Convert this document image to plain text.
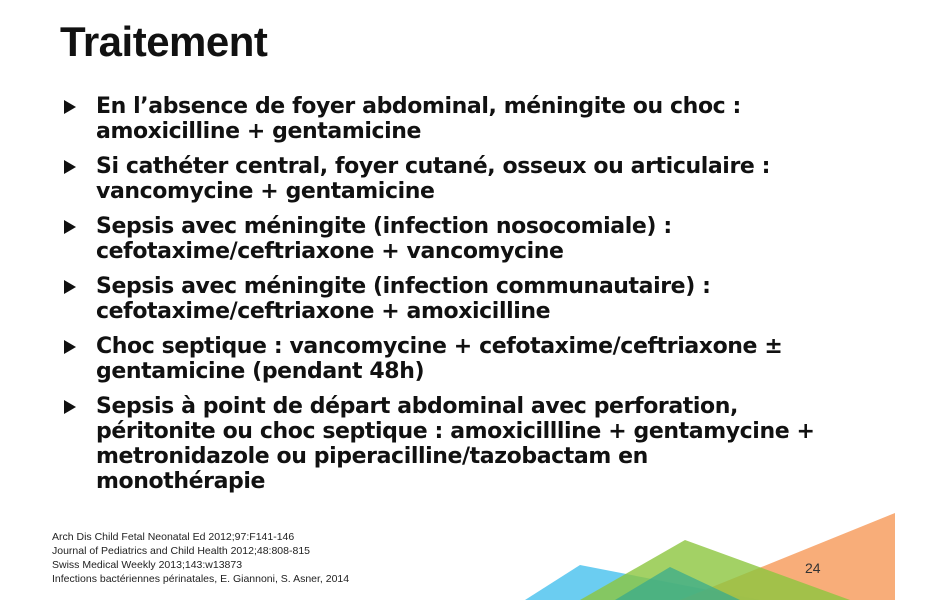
Traitement
En l’absence de foyer abdominal, méningite ou choc :
amoxicilline + gentamicine
Si cathéter central, foyer cutané, osseux ou articulaire :
vancomycine + gentamicine
Sepsis avec méningite (infection nosocomiale) :
cefotaxime/ceftriaxone + vancomycine
Sepsis avec méningite (infection communautaire) :
cefotaxime/ceftriaxone + amoxicilline
Choc septique : vancomycine + cefotaxime/ceftriaxone ±
gentamicine (pendant 48h)
Sepsis à point de départ abdominal avec perforation,
péritonite ou choc septique : amoxicillline + gentamycine +
metronidazole ou piperacilline/tazobactam en
monothérapie
Arch Dis Child Fetal Neonatal Ed 2012;97:F141-146
Journal of Pediatrics and Child Health 2012;48:808-815
Swiss Medical Weekly 2013;143:w13873
Infections bactériennes périnatales, E. Giannoni, S. Asner, 2014
24
